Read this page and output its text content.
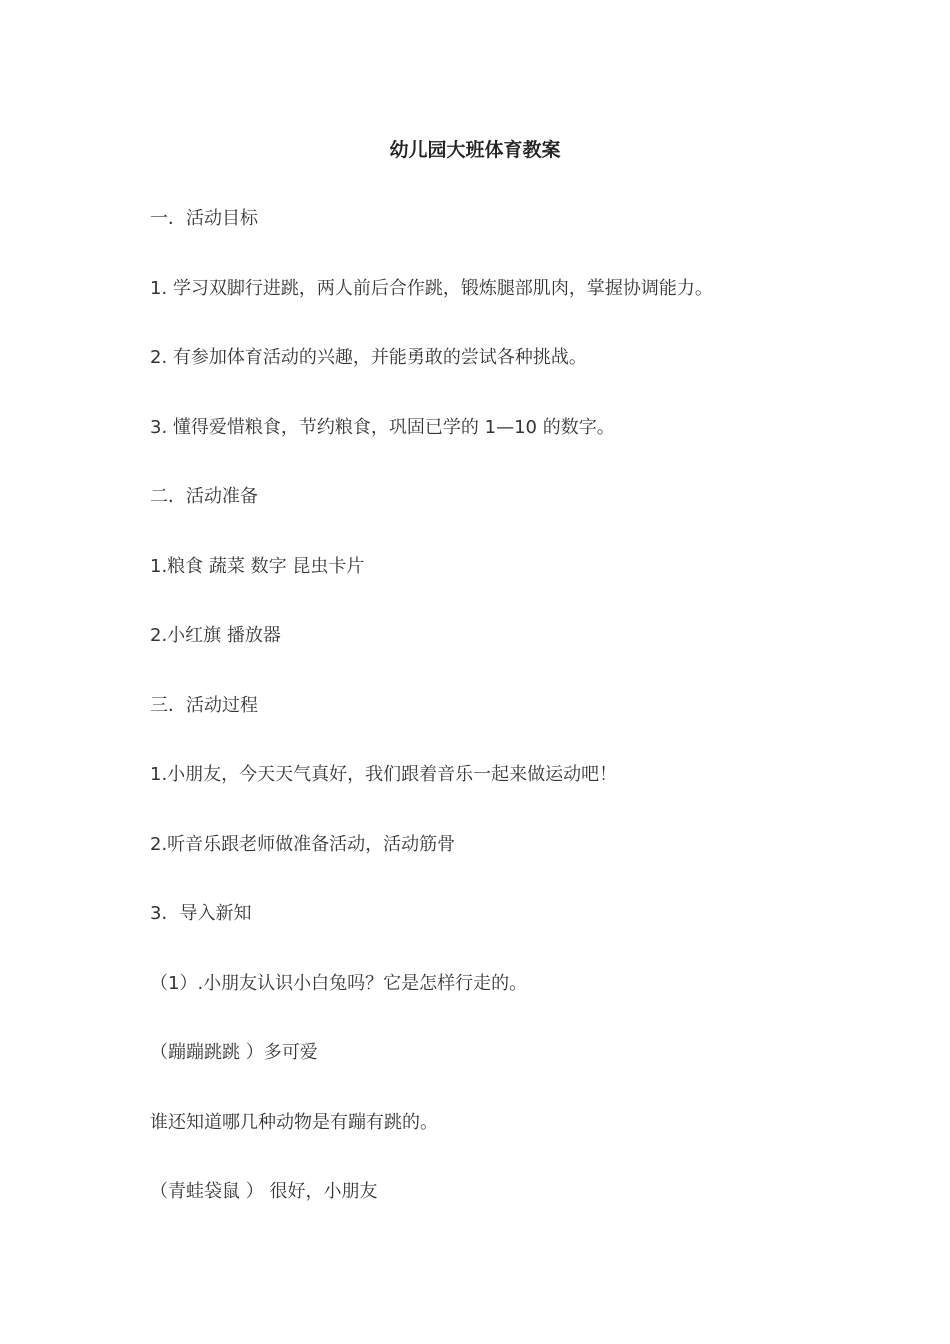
幼儿园大班体育教案
一．活动目标
1. 学习双脚行进跳，两人前后合作跳，锻炼腿部肌肉，掌握协调能力。
2. 有参加体育活动的兴趣，并能勇敢的尝试各种挑战。
3. 懂得爱惜粮食，节约粮食，巩固已学的 1—10 的数字。
二．活动准备
1.粮食 蔬菜 数字 昆虫卡片
2.小红旗 播放器
三．活动过程
1.小朋友，今天天气真好，我们跟着音乐一起来做运动吧！
2.听音乐跟老师做准备活动，活动筋骨
3．导入新知
（1）.小朋友认识小白兔吗？它是怎样行走的。
（蹦蹦跳跳 ）多可爱
谁还知道哪几种动物是有蹦有跳的。
（青蛙袋鼠 ） 很好，小朋友
